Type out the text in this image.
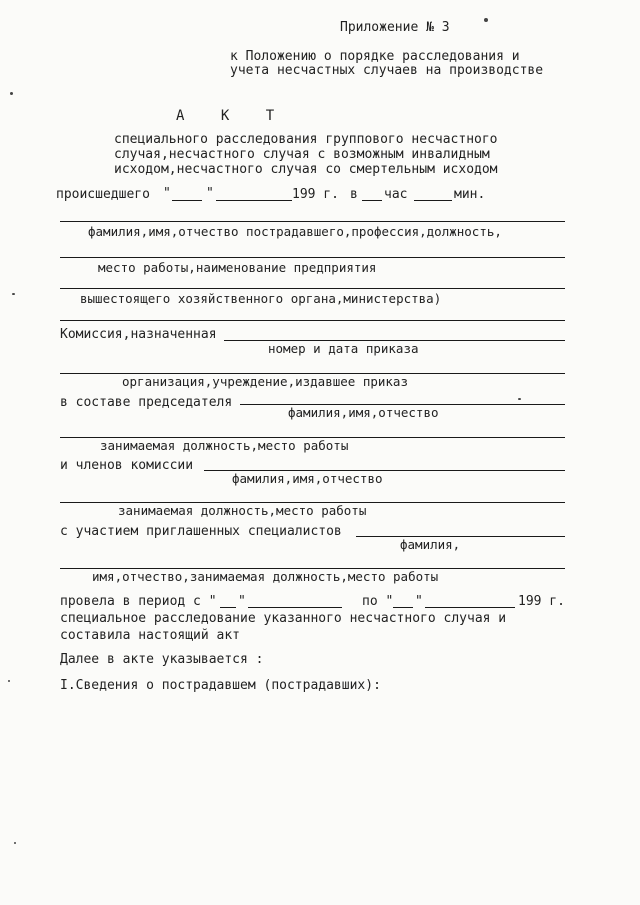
Приложение № 3
к Положению о порядке расследования и
учета несчастных случаев на производстве
А К Т
специального расследования группового несчастного
случая,несчастного случая с возможным инвалидным
исходом,несчастного случая со смертельным исходом
происшедшего "	"	199 г. в час	мин.
фамилия,имя,отчество пострадавшего,профессия,должность,
место работы,наименование предприятия
вышестоящего хозяйственного органа,министерства)
Комиссия,назначенная
номер и дата приказа
организация,учреждение,издавшее приказ
в составе председателя
фамилия,имя,отчество
занимаемая должность,место работы
и членов комиссии
фамилия,имя,отчество
занимаемая должность,место работы
с участием приглашенных специалистов
фамилия,
имя,отчество,занимаемая должность,место работы
провела в период с " "	по " "	199 г.
специальное расследование указанного несчастного случая и
составила настоящий акт
Далее в акте указывается :
I.Сведения о пострадавшем (пострадавших):
